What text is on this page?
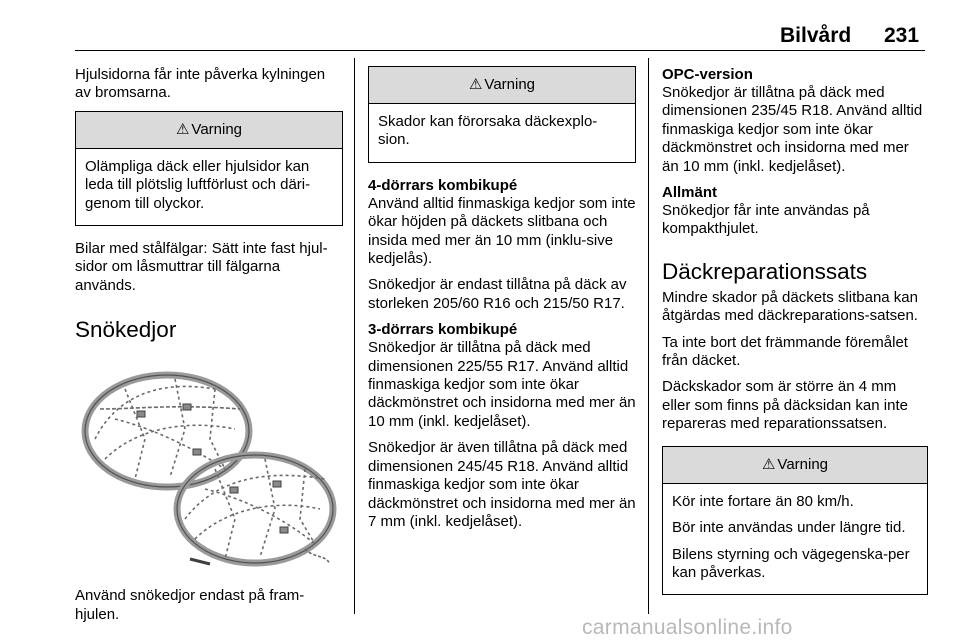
Bilvård 231

Hjulsidorna får inte påverka kylningen av bromsarna.

⚠ Varning

Olämpliga däck eller hjulsidor kan leda till plötslig luftförlust och däri-genom till olyckor.

Bilar med stålfälgar: Sätt inte fast hjul-sidor om låsmuttrar till fälgarna används.

Snökedjor

Använd snökedjor endast på fram-hjulen.

⚠ Varning

Skador kan förorsaka däckexplo-sion.

4-dörrars kombikupé

Använd alltid finmaskiga kedjor som inte ökar höjden på däckets slitbana och insida med mer än 10 mm (inklu-sive kedjelås).

Snökedjor är endast tillåtna på däck av storleken 205/60 R16 och 215/50 R17.

3-dörrars kombikupé

Snökedjor är tillåtna på däck med dimensionen 225/55 R17. Använd alltid finmaskiga kedjor som inte ökar däckmönstret och insidorna med mer än 10 mm (inkl. kedjelåset).

Snökedjor är även tillåtna på däck med dimensionen 245/45 R18. Använd alltid finmaskiga kedjor som inte ökar däckmönstret och insidorna med mer än 7 mm (inkl. kedjelåset).

OPC-version

Snökedjor är tillåtna på däck med dimensionen 235/45 R18. Använd alltid finmaskiga kedjor som inte ökar däckmönstret och insidorna med mer än 10 mm (inkl. kedjelåset).

Allmänt

Snökedjor får inte användas på kompakthjulet.

Däckreparationssats

Mindre skador på däckets slitbana kan åtgärdas med däckreparations-satsen.

Ta inte bort det främmande föremålet från däcket.

Däckskador som är större än 4 mm eller som finns på däcksidan kan inte repareras med reparationssatsen.

⚠ Varning

Kör inte fortare än 80 km/h.

Bör inte användas under längre tid.

Bilens styrning och vägegenska-per kan påverkas.

carmanualsonline.info
